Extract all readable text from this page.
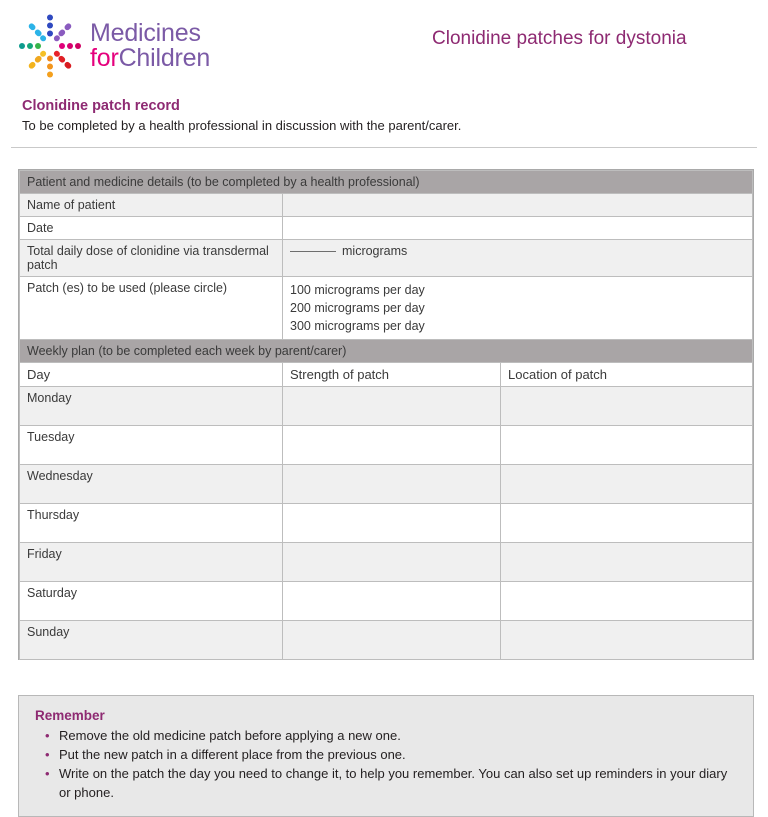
Medicines
forChildren
Clonidine patches for dystonia
Clonidine patch record

To be completed by a health professional in discussion with the parent/carer.

Patient and medicine details (to be completed by a health professional)		
Name of patient		
Date		
Total daily dose of clonidine via transdermal patch	micrograms	
Patch (es) to be used (please circle)	100 micrograms per day
200 micrograms per day
300 micrograms per day	

Weekly plan (to be completed each week by parent/carer)		
Day	Strength of patch	Location of patch
Monday		
Tuesday		
Wednesday		
Thursday		
Friday		
Saturday		
Sunday		
Remember
• Remove the old medicine patch before applying a new one.
• Put the new patch in a different place from the previous one.
• Write on the patch the day you need to change it, to help you remember. You can also set up reminders in your diary or phone.
